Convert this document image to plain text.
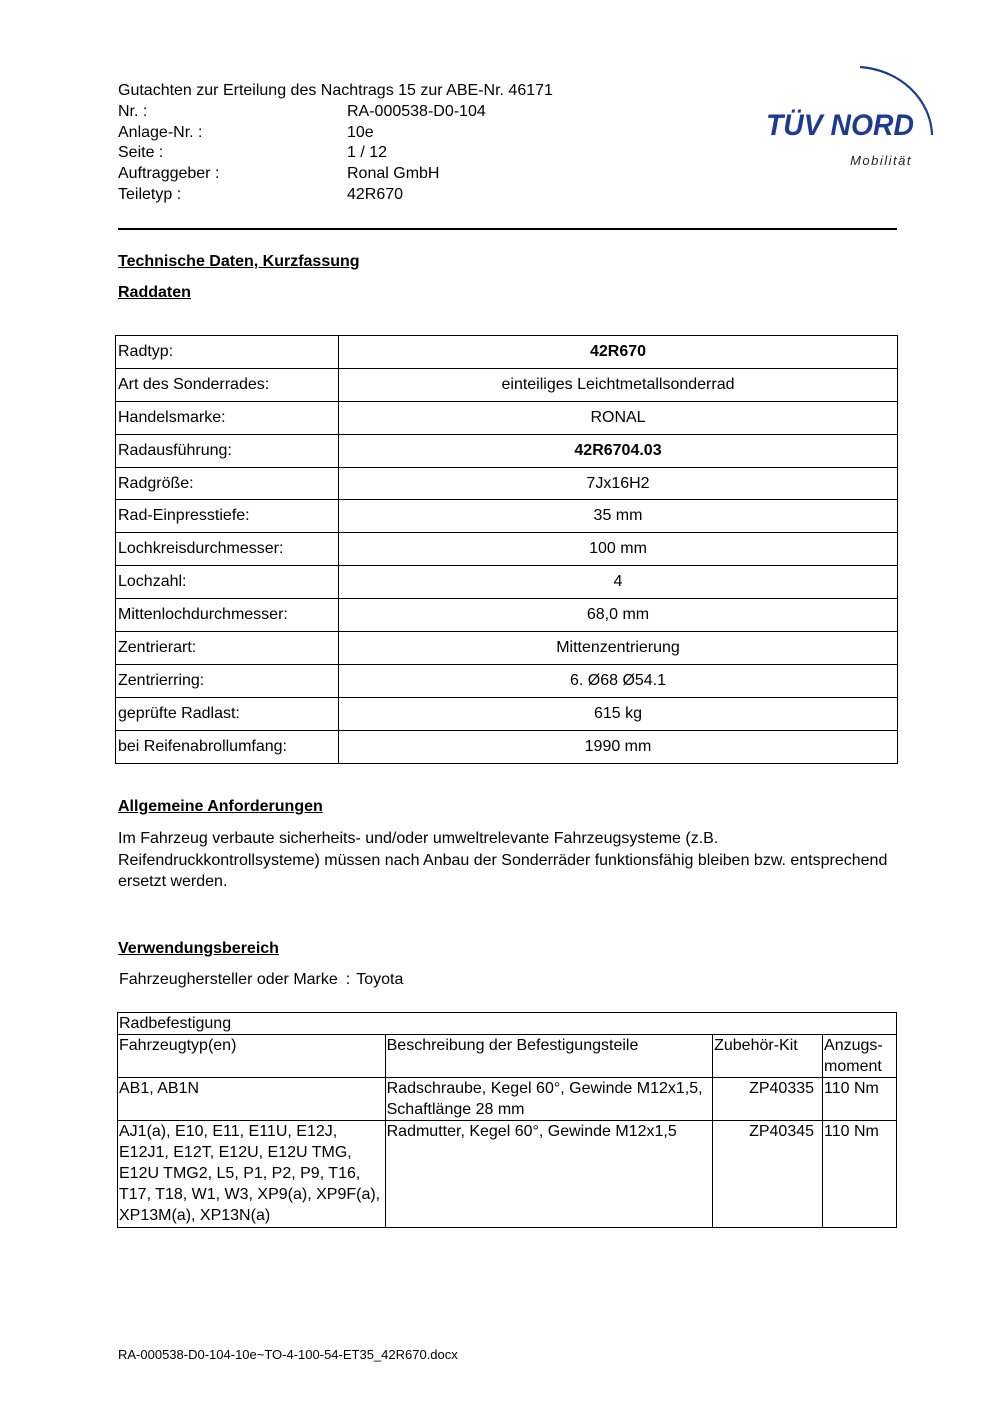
Gutachten zur Erteilung des Nachtrags 15 zur ABE-Nr. 46171
Nr. :	RA-000538-D0-104
Anlage-Nr. :	10e
Seite :	1 / 12
Auftraggeber :	Ronal GmbH
Teiletyp :	42R670
TÜV NORD
Mobilität
Technische Daten, Kurzfassung
Raddaten
Radtyp:	42R670
Art des Sonderrades:	einteiliges Leichtmetallsonderrad
Handelsmarke:	RONAL
Radausführung:	42R6704.03
Radgröße:	7Jx16H2
Rad-Einpresstiefe:	35 mm
Lochkreisdurchmesser:	100 mm
Lochzahl:	4
Mittenlochdurchmesser:	68,0 mm
Zentrierart:	Mittenzentrierung
Zentrierring:	6. Ø68 Ø54.1
geprüfte Radlast:	615 kg
bei Reifenabrollumfang:	1990 mm
Allgemeine Anforderungen
Im Fahrzeug verbaute sicherheits- und/oder umweltrelevante Fahrzeugsysteme (z.B. Reifendruckkontrollsysteme) müssen nach Anbau der Sonderräder funktionsfähig bleiben bzw. entsprechend ersetzt werden.
Verwendungsbereich
Fahrzeughersteller oder Marke : Toyota
Radbefestigung			
Fahrzeugtyp(en)	Beschreibung der Befestigungsteile	Zubehör-Kit	Anzugs- moment
AB1, AB1N	Radschraube, Kegel 60°, Gewinde M12x1,5, Schaftlänge 28 mm	ZP40335	110 Nm
AJ1(a), E10, E11, E11U, E12J, E12J1, E12T, E12U, E12U TMG, E12U TMG2, L5, P1, P2, P9, T16, T17, T18, W1, W3, XP9(a), XP9F(a), XP13M(a), XP13N(a)	Radmutter, Kegel 60°, Gewinde M12x1,5	ZP40345	110 Nm
RA-000538-D0-104-10e~TO-4-100-54-ET35_42R670.docx
